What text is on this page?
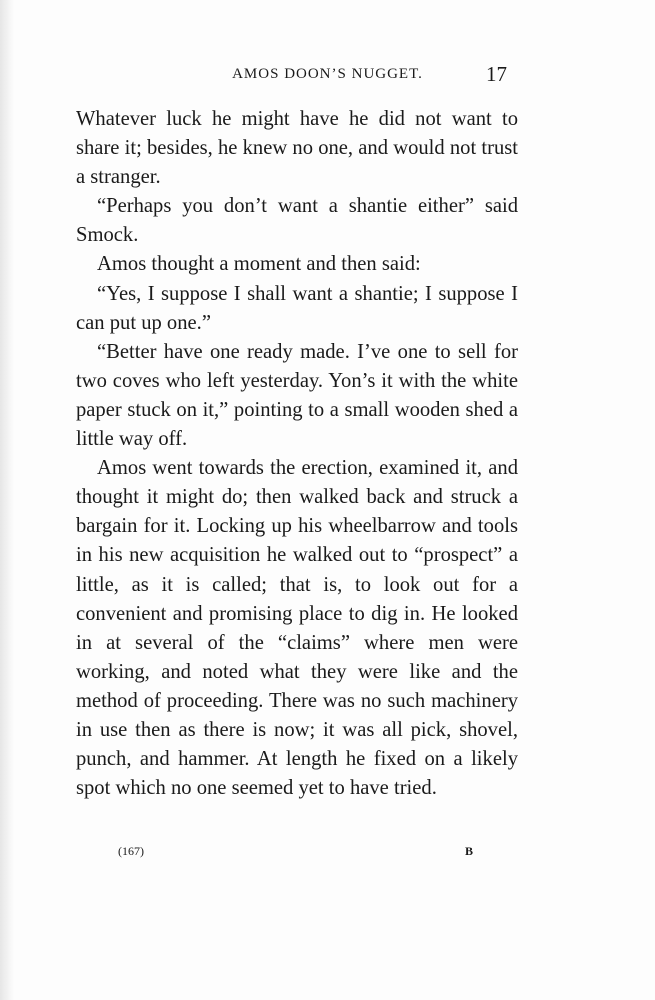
AMOS DOON’S NUGGET.	17

Whatever luck he might have he did not want to share it; besides, he knew no one, and would not trust a stranger.

“Perhaps you don’t want a shantie either” said Smock.

Amos thought a moment and then said:

“Yes, I suppose I shall want a shantie; I suppose I can put up one.”

“Better have one ready made. I’ve one to sell for two coves who left yesterday. Yon’s it with the white paper stuck on it,” pointing to a small wooden shed a little way off.

Amos went towards the erection, examined it, and thought it might do; then walked back and struck a bargain for it. Locking up his wheelbarrow and tools in his new acquisition he walked out to “prospect” a little, as it is called; that is, to look out for a convenient and promising place to dig in. He looked in at several of the “claims” where men were working, and noted what they were like and the method of proceeding. There was no such machinery in use then as there is now; it was all pick, shovel, punch, and hammer. At length he fixed on a likely spot which no one seemed yet to have tried.

(167)	B
